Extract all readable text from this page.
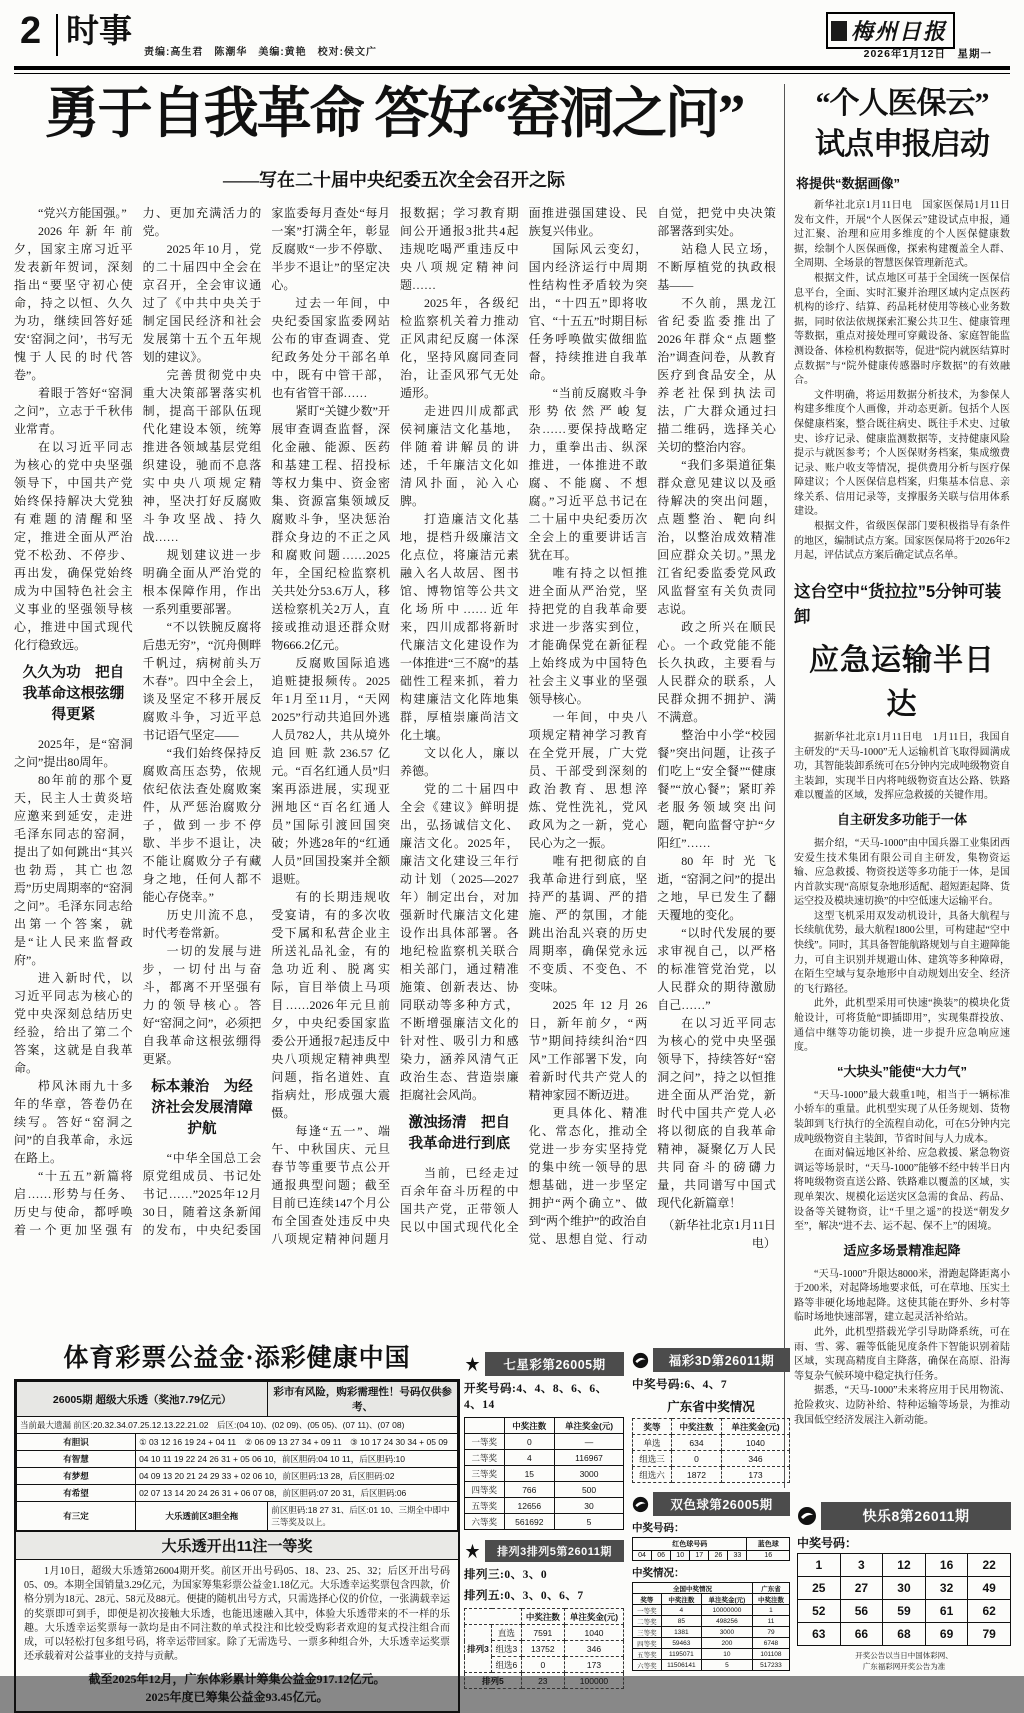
2 时事
责编:高生君　陈潮华　美编:黄艳　校对:侯文广
梅州日报
2026年1月12日　星期一
勇于自我革命 答好“窑洞之问”
——写在二十届中央纪委五次全会召开之际

“党兴方能国强。”

2026年新年前夕，国家主席习近平发表新年贺词，深刻指出“要坚守初心使命，持之以恒、久久为功，继续回答好延安‘窑洞之问’，书写无愧于人民的时代答卷”。

着眼于答好“窑洞之问”，立志于千秋伟业常青。

在以习近平同志为核心的党中央坚强领导下，中国共产党始终保持解决大党独有难题的清醒和坚定，推进全面从严治党不松劲、不停步、再出发，确保党始终成为中国特色社会主义事业的坚强领导核心，推进中国式现代化行稳致远。

久久为功　把自我革命这根弦绷得更紧

2025年，是“窑洞之问”提出80周年。

80年前的那个夏天，民主人士黄炎培应邀来到延安，走进毛泽东同志的窑洞，提出了如何跳出“其兴也勃焉，其亡也忽焉”历史周期率的“窑洞之问”。毛泽东同志给出第一个答案，就是“让人民来监督政府”。

进入新时代，以习近平同志为核心的党中央深刻总结历史经验，给出了第二个答案，这就是自我革命。

栉风沐雨九十多年的华章，答卷仍在续写。答好“窑洞之问”的自我革命，永远在路上。

“十五五”新篇将启……形势与任务、历史与使命，都呼唤着一个更加坚强有力、更加充满活力的党。

2025年10月，党的二十届四中全会在京召开，全会审议通过了《中共中央关于制定国民经济和社会发展第十五个五年规划的建议》。

完善贯彻党中央重大决策部署落实机制，提高干部队伍现代化建设本领，统筹推进各领域基层党组织建设，驰而不息落实中央八项规定精神，坚决打好反腐败斗争攻坚战、持久战……

规划建议进一步明确全面从严治党的根本保障作用，作出一系列重要部署。

“不以铁腕反腐将后患无穷”，“沉舟侧畔千帆过，病树前头万木春”。四中全会上，谈及坚定不移开展反腐败斗争，习近平总书记语气坚定——

“我们始终保持反腐败高压态势，依规依纪依法查处腐败案件，从严惩治腐败分子，做到一步不停歇、半步不退让，决不能让腐败分子有藏身之地，任何人都不能心存侥幸。”

历史川流不息，时代考卷常新。

一切的发展与进步，一切付出与奋斗，都离不开坚强有力的领导核心。答好“窑洞之问”，必须把自我革命这根弦绷得更紧。

标本兼治　为经济社会发展清障护航

“中华全国总工会原党组成员、书记处书记……”2025年12月30日，随着这条新闻的发布，中央纪委国家监委每月查处“每月一案”打满全年，彰显反腐败“一步不停歇、半步不退让”的坚定决心。

过去一年间，中央纪委国家监委网站公布的审查调查、党纪政务处分干部名单中，既有中管干部，也有省管干部……

紧盯“关键少数”开展审查调查监督，深化金融、能源、医药和基建工程、招投标等权力集中、资金密集、资源富集领域反腐败斗争，坚决惩治群众身边的不正之风和腐败问题……2025年，全国纪检监察机关共处分53.6万人，移送检察机关2万人，直接或推动退还群众财物666.2亿元。

反腐败国际追逃追赃捷报频传。2025年1月至11月，“天网2025”行动共追回外逃人员782人，共从境外追回赃款236.57亿元。“百名红通人员”归案再添进展，实现亚洲地区“百名红通人员”国际引渡回国突破；外逃28年的“红通人员”回国投案并全额退赃。

有的长期违规收受宴请，有的多次收受下属和私营企业主所送礼品礼金，有的急功近利、脱离实际，盲目举债上马项目……2026年元旦前夕，中央纪委国家监委公开通报7起违反中央八项规定精神典型问题，指名道姓、直指病灶，形成强大震慑。

每逢“五一”、端午、中秋国庆、元旦春节等重要节点公开通报典型问题；截至目前已连续147个月公布全国查处违反中央八项规定精神问题月报数据；学习教育期间公开通报3批共4起违规吃喝严重违反中央八项规定精神问题……

2025年，各级纪检监察机关着力推动正风肃纪反腐一体深化，坚持风腐同查同治，让歪风邪气无处遁形。

走进四川成都武侯祠廉洁文化基地，伴随着讲解员的讲述，千年廉洁文化如清风扑面，沁入心脾。

打造廉洁文化基地，提档升级廉洁文化点位，将廉洁元素融入名人故居、图书馆、博物馆等公共文化场所中……近年来，四川成都将新时代廉洁文化建设作为一体推进“三不腐”的基础性工程来抓，着力构建廉洁文化阵地集群，厚植崇廉尚洁文化土壤。

文以化人，廉以养德。

党的二十届四中全会《建议》鲜明提出，弘扬诚信文化、廉洁文化。2025年，廉洁文化建设三年行动计划（2025—2027年）制定出台，对加强新时代廉洁文化建设作出具体部署。各地纪检监察机关联合相关部门，通过精准施策、创新表达、协同联动等多种方式，不断增强廉洁文化的针对性、吸引力和感染力，涵养风清气正政治生态、营造崇廉拒腐社会风尚。

激浊扬清　把自我革命进行到底

当前，已经走过百余年奋斗历程的中国共产党，正带领人民以中国式现代化全面推进强国建设、民族复兴伟业。

国际风云变幻，国内经济运行中周期性结构性矛盾较为突出，“十四五”即将收官、“十五五”时期目标任务呼唤做实做细监督，持续推进自我革命。

“当前反腐败斗争形势依然严峻复杂……要保持战略定力，重拳出击、纵深推进，一体推进不敢腐、不能腐、不想腐。”习近平总书记在二十届中央纪委历次全会上的重要讲话言犹在耳。

唯有持之以恒推进全面从严治党，坚持把党的自我革命要求进一步落实到位，才能确保党在新征程上始终成为中国特色社会主义事业的坚强领导核心。

一年间，中央八项规定精神学习教育在全党开展，广大党员、干部受到深刻的政治教育、思想淬炼、党性洗礼，党风政风为之一新，党心民心为之一振。

唯有把彻底的自我革命进行到底，坚持严的基调、严的措施、严的氛围，才能跳出治乱兴衰的历史周期率，确保党永远不变质、不变色、不变味。

2025年12月26日，新年前夕，“两节”期间持续纠治“四风”工作部署下发，向着新时代共产党人的精神家园不断迈进。

更具体化、精准化、常态化，推动全党进一步夯实坚持党的集中统一领导的思想基础，进一步坚定拥护“两个确立”、做到“两个维护”的政治自觉、思想自觉、行动自觉，把党中央决策部署落到实处。

站稳人民立场，不断厚植党的执政根基——

不久前，黑龙江省纪委监委推出了2026年群众“点题整治”调查问卷，从教育医疗到食品安全，从养老社保到执法司法，广大群众通过扫描二维码，选择关心关切的整治内容。

“我们多渠道征集群众意见建议以及亟待解决的突出问题，点题整治、靶向纠治，以整治成效精准回应群众关切。”黑龙江省纪委监委党风政风监督室有关负责同志说。

政之所兴在顺民心。一个政党能不能长久执政，主要看与人民群众的联系，人民群众拥不拥护、满不满意。

整治中小学“校园餐”突出问题，让孩子们吃上“安全餐”“健康餐”“放心餐”；紧盯养老服务领域突出问题，靶向监督守护“夕阳红”……

80年时光飞逝，“窑洞之问”的提出之地，早已发生了翻天覆地的变化。

“以时代发展的要求审视自己，以严格的标准管党治党，以人民群众的期待激励自己……”

在以习近平同志为核心的党中央坚强领导下，持续答好“窑洞之问”，持之以恒推进全面从严治党，新时代中国共产党人必将以彻底的自我革命精神，凝聚亿万人民共同奋斗的磅礴力量，共同谱写中国式现代化新篇章！

（新华社北京1月11日电）

“个人医保云”
试点申报启动
将提供“数据画像”

新华社北京1月11日电　国家医保局1月11日发布文件，开展“个人医保云”建设试点申报，通过汇聚、治理和应用多维度的个人医保健康数据，绘制个人医保画像，探索构建覆盖全人群、全周期、全场景的智慧医保管理新范式。

根据文件，试点地区可基于全国统一医保信息平台，全面、实时汇聚并治理区域内定点医药机构的诊疗、结算、药品耗材使用等核心业务数据，同时依法依规探索汇聚公共卫生、健康管理等数据，重点对接处理可穿戴设备、家庭智能监测设备、体检机构数据等，促进“院内就医结算时点数据”与“院外健康传感器时序数据”的有效融合。

文件明确，将运用数据分析技术，为参保人构建多维度个人画像，并动态更新。包括个人医保健康档案，整合既往病史、既往手术史、过敏史、诊疗记录、健康监测数据等，支持健康风险提示与就医参考；个人医保财务档案，集成缴费记录、账户收支等情况，提供费用分析与医疗保障建议；个人医保信息档案，归集基本信息、亲缘关系、信用记录等，支撑服务关联与信用体系建设。

根据文件，省级医保部门要积极指导有条件的地区，编制试点方案。国家医保局将于2026年2月起，评估试点方案后确定试点名单。

这台空中“货拉拉”5分钟可装卸
应急运输半日达

据新华社北京1月11日电　1月11日，我国自主研发的“天马-1000”无人运输机首飞取得圆满成功，其智能装卸系统可在5分钟内完成吨级物资自主装卸，实现半日内将吨级物资直达公路、铁路难以覆盖的区域，发挥应急救援的关键作用。

自主研发多功能于一体

据介绍，“天马-1000”由中国兵器工业集团西安爱生技术集团有限公司自主研发，集物资运输、应急救援、物资投送等多功能于一体，是国内首款实现“高原复杂地形适配、超短距起降、货运空投及模块速切换”的中空低速大运输平台。

这型飞机采用双发动机设计，具备大航程与长续航优势，最大航程1800公里，可构建起“空中快线”。同时，其具备智能航路规划与自主避障能力，可自主识别并规避山体、建筑等多种障碍，在陌生空域与复杂地形中自动规划出安全、经济的飞行路径。

此外，此机型采用可快速“换装”的模块化货舱设计，可将货舱“即插即用”，实现集群投放、通信中继等功能切换，进一步提升应急响应速度。

“大块头”能使“大力气”

“天马-1000”最大载重1吨，相当于一辆标准小轿车的重量。此机型实现了从任务规划、货物装卸到飞行执行的全流程自动化，可在5分钟内完成吨级物资自主装卸，节省时间与人力成本。

在面对偏远地区补给、应急救援、紧急物资调运等场景时，“天马-1000”能够不经中转半日内将吨级物资直送公路、铁路难以覆盖的区域，实现单架次、规模化运送灾区急需的食品、药品、设备等关键物资，让“千里之遥”的投送“朝发夕至”，解决“进不去、运不起、保不上”的困境。

适应多场景精准起降

“天马-1000”升限达8000米，滑跑起降距离小于200米，对起降场地要求低，可在草地、压实土路等非硬化场地起降。这使其能在野外、乡村等临时场地快速部署，建立起灵活补给站。

此外，此机型搭载光学引导助降系统，可在雨、雪、雾、霾等低能见度条件下智能识别着陆区域，实现高精度自主降落，确保在高原、沿海等复杂气候环境中稳定执行任务。

据悉，“天马-1000”未来将应用于民用物流、抢险救灾、边防补给、特种运输等场景，为推动我国低空经济发展注入新动能。

体育彩票公益金·添彩健康中国
26005期 超级大乐透（奖池7.79亿元）		彩市有风险，购彩需理性！号码仅供参考、
当前最大遗漏 前区:20.32.34.07.25.12.13.22.21.02　后区:(04 10)、(02 09)、(05 05)、(07 11)、(07 08)		
有胆识	① 03 12 16 19 24 + 04 11　② 06 09 13 27 34 + 09 11　③ 10 17 24 30 34 + 05 09	
有智慧	04 10 11 19 22 24 26 31 + 05 06 10，前区胆码:04 10 11，后区胆码:10	
有梦想	04 09 13 20 21 24 29 33 + 02 06 10，前区胆码:13 28，后区胆码:02	
有希望	02 07 13 14 20 24 26 31 + 06 07 08，前区胆码:07 20 31，后区胆码:06	
有三定	大乐透前区3胆全拖	前区胆码:18 27 31、后区:01 10、三期全中即中三等奖及以上。
大乐透开出11注一等奖
1月10日，超级大乐透第26004期开奖。前区开出号码05、18、23、25、32；后区开出号码05、09。本期全国销量3.29亿元，为国家筹集彩票公益金1.18亿元。大乐透幸运奖票包含四款，价格分别为18元、28元、58元及88元。便捷的随机出号方式，只需选择心仪的价位，一张满载幸运的奖票即可到手，即便是初次接触大乐透，也能迅速融入其中，体验大乐透带来的不一样的乐趣。大乐透幸运奖票每一款均是由不同注数的单式投注和比较受购彩者欢迎的复式投注组合而成，可以轻松打包多组号码，将幸运带回家。除了无需选号、一票多种组合外，大乐透幸运奖票还承载着对公益事业的支持与贡献。
截至2025年12月，广东体彩累计筹集公益金917.12亿元。
2025年度已筹集公益金93.45亿元。
七星彩第26005期
开奖号码:4、4、8、6、6、4、14
	中奖注数	单注奖金(元)
一等奖	0	—
二等奖	4	116967
三等奖	15	3000
四等奖	766	500
五等奖	12656	30
六等奖	561692	5
排列3排列5第26011期
排列三:0、3、0
排列五:0、3、0、6、7
		中奖注数	单注奖金(元)
排列3	直选	7591	1040
	组选3	13752	346
	组选6	0	173
排列5		23	100000
福彩3D第26011期
中奖号码:6、4、7
广东省中奖情况
奖等	中奖注数	单注奖金(元)
单选	634	1040
组选三	0	346
组选六	1872	173
双色球第26005期
中奖号码：
红色球号码						蓝色球
04	06	10	17	26	33	16
中奖情况：
全国中奖情况			广东省
奖等	中奖注数	单注奖金(元)	中奖注数
一等奖	4	10000000	1
二等奖	85	498256	11
三等奖	1381	3000	79
四等奖	59463	200	6748
五等奖	1195071	10	101108
六等奖	11506141	5	517233
快乐8第26011期
中奖号码：
1	3	12	16	22
25	27	30	32	49
52	56	59	61	62
63	66	68	69	79
开奖公告以当日中国体彩网、
广东福彩网开奖公告为准
